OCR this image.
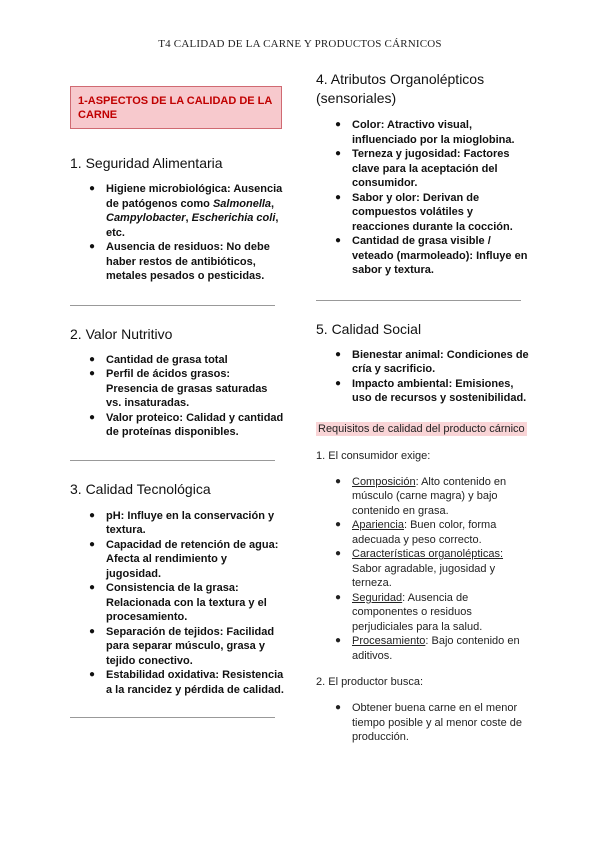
T4 CALIDAD DE LA CARNE Y PRODUCTOS CÁRNICOS
1-ASPECTOS DE LA CALIDAD DE LA CARNE
1. Seguridad Alimentaria
● Higiene microbiológica: Ausencia de patógenos como Salmonella, Campylobacter, Escherichia coli, etc.
● Ausencia de residuos: No debe haber restos de antibióticos, metales pesados o pesticidas.
2. Valor Nutritivo
● Cantidad de grasa total
● Perfil de ácidos grasos: Presencia de grasas saturadas vs. insaturadas.
● Valor proteico: Calidad y cantidad de proteínas disponibles.
3. Calidad Tecnológica
● pH: Influye en la conservación y textura.
● Capacidad de retención de agua: Afecta al rendimiento y jugosidad.
● Consistencia de la grasa: Relacionada con la textura y el procesamiento.
● Separación de tejidos: Facilidad para separar músculo, grasa y tejido conectivo.
● Estabilidad oxidativa: Resistencia a la rancidez y pérdida de calidad.
4. Atributos Organolépticos (sensoriales)
● Color: Atractivo visual, influenciado por la mioglobina.
● Terneza y jugosidad: Factores clave para la aceptación del consumidor.
● Sabor y olor: Derivan de compuestos volátiles y reacciones durante la cocción.
● Cantidad de grasa visible / veteado (marmoleado): Influye en sabor y textura.
5. Calidad Social
● Bienestar animal: Condiciones de cría y sacrificio.
● Impacto ambiental: Emisiones, uso de recursos y sostenibilidad.
Requisitos de calidad del producto cárnico
1. El consumidor exige:
● Composición: Alto contenido en músculo (carne magra) y bajo contenido en grasa.
● Apariencia: Buen color, forma adecuada y peso correcto.
● Características organolépticas: Sabor agradable, jugosidad y terneza.
● Seguridad: Ausencia de componentes o residuos perjudiciales para la salud.
● Procesamiento: Bajo contenido en aditivos.
2. El productor busca:
● Obtener buena carne en el menor tiempo posible y al menor coste de producción.
